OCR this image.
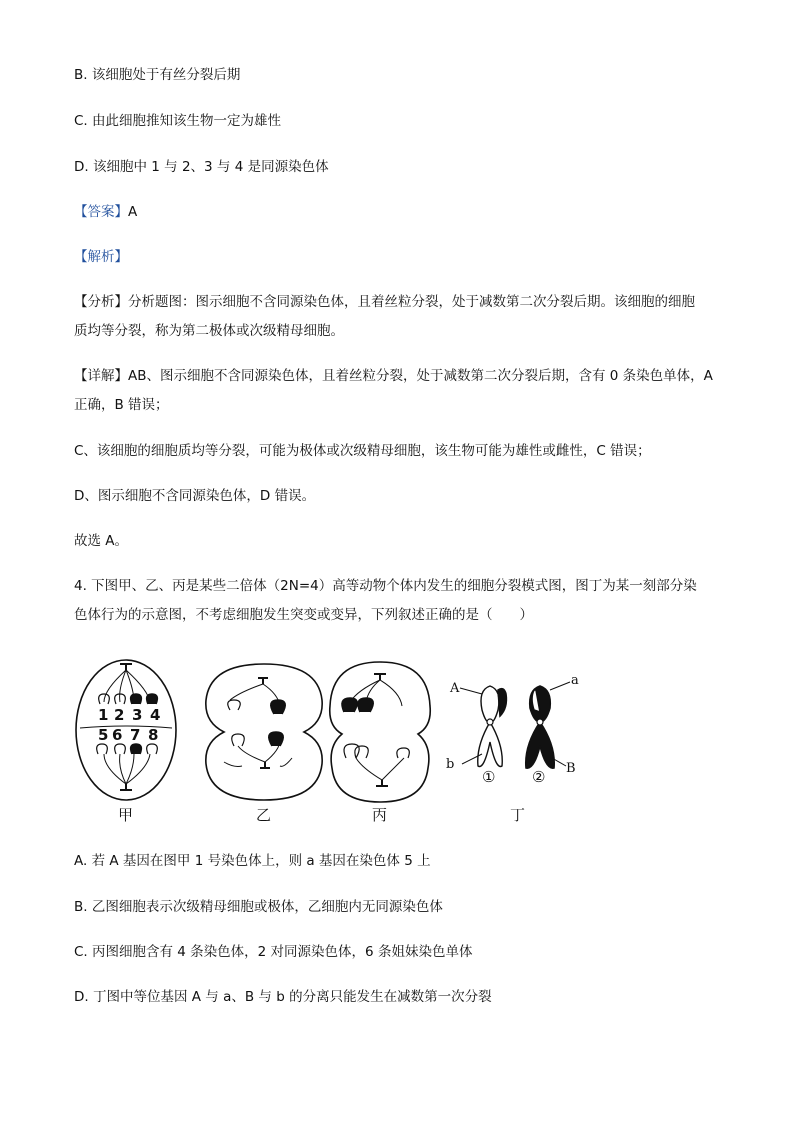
B. 该细胞处于有丝分裂后期
C. 由此细胞推知该生物一定为雄性
D. 该细胞中 1 与 2、3 与 4 是同源染色体
【答案】A
【解析】
【分析】分析题图：图示细胞不含同源染色体，且着丝粒分裂，处于减数第二次分裂后期。该细胞的细胞
质均等分裂，称为第二极体或次级精母细胞。
【详解】AB、图示细胞不含同源染色体，且着丝粒分裂，处于减数第二次分裂后期，含有 0 条染色单体，A
正确，B 错误；
C、该细胞的细胞质均等分裂，可能为极体或次级精母细胞，该生物可能为雄性或雌性，C 错误；
D、图示细胞不含同源染色体，D 错误。
故选 A。
4. 下图甲、乙、丙是某些二倍体（2N=4）高等动物个体内发生的细胞分裂模式图，图丁为某一刻部分染
色体行为的示意图，不考虑细胞发生突变或变异，下列叙述正确的是（　　）
1 2 3 4
5 6 7 8
A
a
b	B
① ②
甲	乙	丙	丁
A. 若 A 基因在图甲 1 号染色体上，则 a 基因在染色体 5 上
B. 乙图细胞表示次级精母细胞或极体，乙细胞内无同源染色体
C. 丙图细胞含有 4 条染色体，2 对同源染色体，6 条姐妹染色单体
D. 丁图中等位基因 A 与 a、B 与 b 的分离只能发生在减数第一次分裂
